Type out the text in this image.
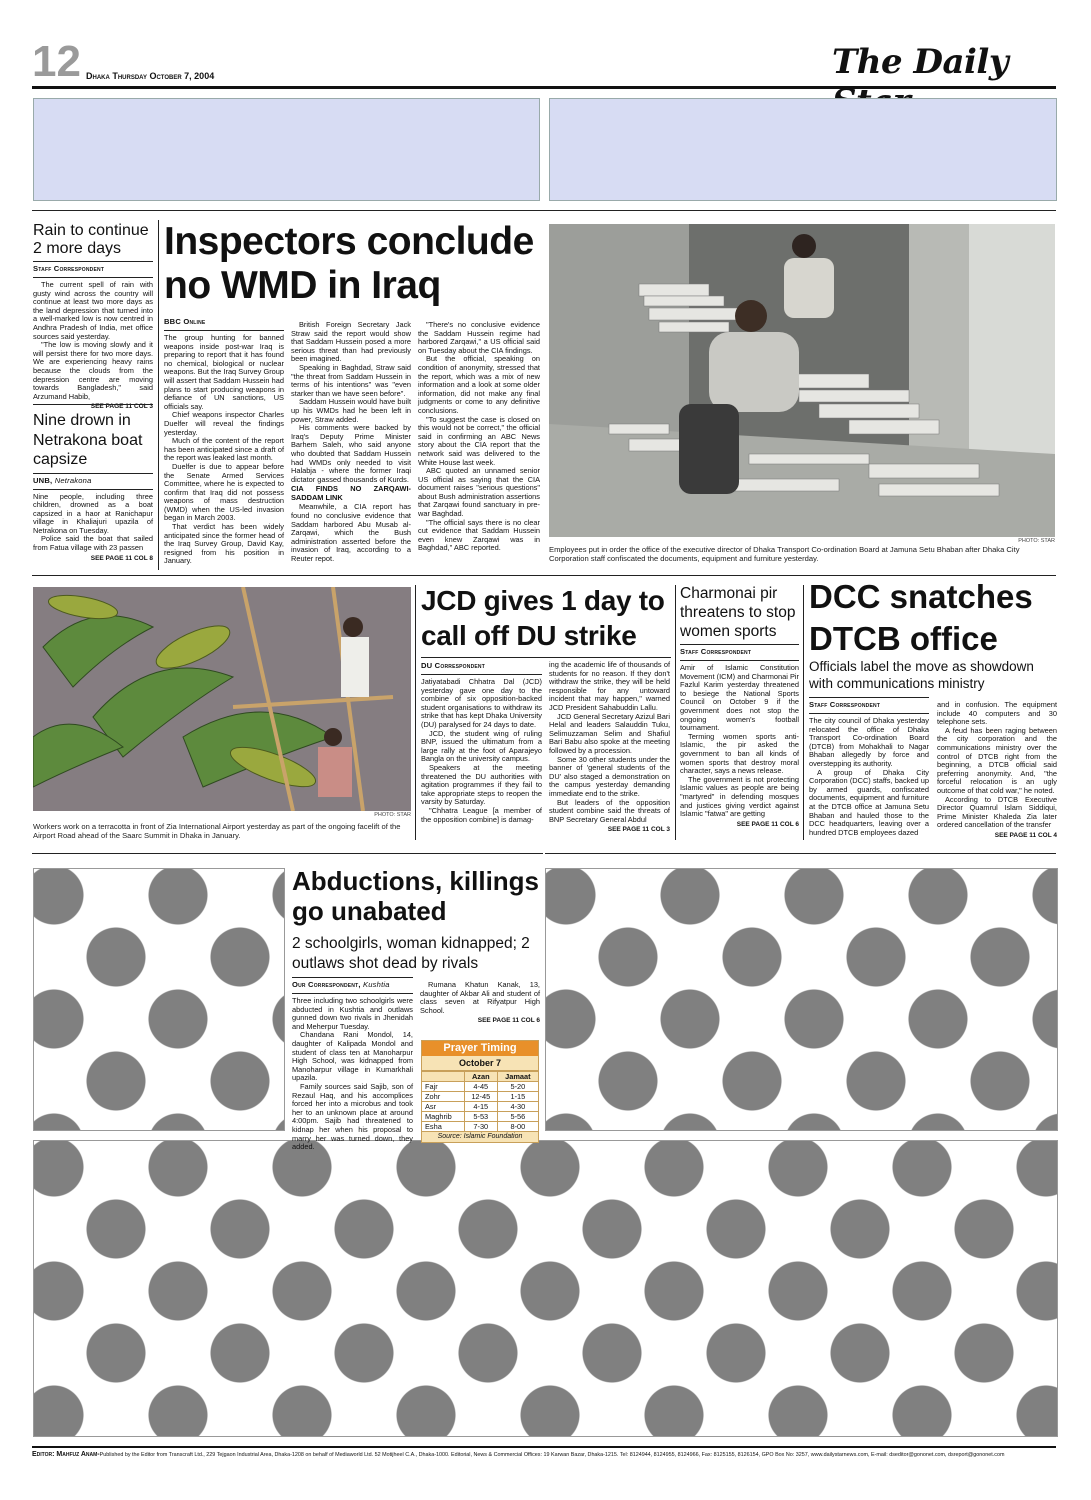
12 Dhaka Thursday October 7, 2004	The Daily
Rain to continue 2 more days
Staff Correspondent

The current spell of rain with gusty wind across the country will continue at least two more days as the land depression that turned into a well-marked low is now centred in Andhra Pradesh of India, met office sources said yesterday.

"The low is moving slowly and it will persist there for two more days. We are experiencing heavy rains because the clouds from the depression centre are moving towards Bangladesh," said Arzumand Habib,

SEE PAGE 11 COL 3
Nine drown in Netrakona boat capsize
UNB, Netrakona

Nine people, including three children, drowned as a boat capsized in a haor at Ranichapur village in Khaliajuri upazila of Netrakona on Tuesday.

Police said the boat that sailed from Fatua village with 23 passen

SEE PAGE 11 COL 8
Inspectors conclude no WMD in Iraq
BBC Online

The group hunting for banned weapons inside post-war Iraq is preparing to report that it has found no chemical, biological or nuclear weapons. But the Iraq Survey Group will assert that Saddam Hussein had plans to start producing weapons in defiance of UN sanctions, US officials say.

Chief weapons inspector Charles Duelfer will reveal the findings yesterday.

Much of the content of the report has been anticipated since a draft of the report was leaked last month.

Duelfer is due to appear before the Senate Armed Services Committee, where he is expected to confirm that Iraq did not possess weapons of mass destruction (WMD) when the US-led invasion began in March 2003.

That verdict has been widely anticipated since the former head of the Iraq Survey Group, David Kay, resigned from his position in January.

British Foreign Secretary Jack Straw said the report would show that Saddam Hussein posed a more serious threat than had previously been imagined.

Speaking in Baghdad, Straw said "the threat from Saddam Hussein in terms of his intentions" was "even starker than we have seen before".

Saddam Hussein would have built up his WMDs had he been left in power, Straw added.

His comments were backed by Iraq's Deputy Prime Minister Barhem Saleh, who said anyone who doubted that Saddam Hussein had WMDs only needed to visit Halabja - where the former Iraqi dictator gassed thousands of Kurds.

CIA FINDS NO ZARQAWI-SADDAM LINK

Meanwhile, a CIA report has found no conclusive evidence that Saddam harbored Abu Musab al-Zarqawi, which the Bush administration asserted before the invasion of Iraq, according to a Reuter repot.

"There's no conclusive evidence the Saddam Hussein regime had harbored Zarqawi," a US official said on Tuesday about the CIA findings.

But the official, speaking on condition of anonymity, stressed that the report, which was a mix of new information and a look at some older information, did not make any final judgments or come to any definitive conclusions.

"To suggest the case is closed on this would not be correct," the official said in confirming an ABC News story about the CIA report that the network said was delivered to the White House last week.

ABC quoted an unnamed senior US official as saying that the CIA document raises "serious questions" about Bush administration assertions that Zarqawi found sanctuary in pre-war Baghdad.

"The official says there is no clear cut evidence that Saddam Hussein even knew Zarqawi was in Baghdad," ABC reported.

PHOTO: STAR
Employees put in order the office of the executive director of Dhaka Transport Co-ordination Board at Jamuna Setu Bhaban after Dhaka City Corporation staff confiscated the documents, equipment and furniture yesterday.
PHOTO: STAR
Workers work on a terracotta in front of Zia International Airport yesterday as part of the ongoing facelift of the Airport Road ahead of the Saarc Summit in Dhaka in January.
JCD gives 1 day to call off DU strike
DU Correspondent

Jatiyatabadi Chhatra Dal (JCD) yesterday gave one day to the combine of six opposition-backed student organisations to withdraw its strike that has kept Dhaka University (DU) paralysed for 24 days to date.

JCD, the student wing of ruling BNP, issued the ultimatum from a large rally at the foot of Aparajeyo Bangla on the university campus.

Speakers at the meeting threatened the DU authorities with agitation programmes if they fail to take appropriate steps to reopen the varsity by Saturday.

"Chhatra League [a member of the opposition combine] is damag-

ing the academic life of thousands of students for no reason. If they don't withdraw the strike, they will be held responsible for any untoward incident that may happen," warned JCD President Sahabuddin Lallu.

JCD General Secretary Azizul Bari Helal and leaders Salauddin Tuku, Selimuzzaman Selim and Shafiul Bari Babu also spoke at the meeting followed by a procession.

Some 30 other students under the banner of 'general students of the DU' also staged a demonstration on the campus yesterday demanding immediate end to the strike.

But leaders of the opposition student combine said the threats of BNP Secretary General Abdul

SEE PAGE 11 COL 3
Charmonai pir threatens to stop women sports
Staff Correspondent

Amir of Islamic Constitution Movement (ICM) and Charmonai Pir Fazlul Karim yesterday threatened to besiege the National Sports Council on October 9 if the government does not stop the ongoing women's football tournament.

Terming women sports anti-Islamic, the pir asked the government to ban all kinds of women sports that destroy moral character, says a news release.

The government is not protecting Islamic values as people are being "martyred" in defending mosques and justices giving verdict against Islamic "fatwa" are getting

SEE PAGE 11 COL 6
DCC snatches DTCB office
Officials label the move as showdown with communications ministry
Staff Correspondent

The city council of Dhaka yesterday relocated the office of Dhaka Transport Co-ordination Board (DTCB) from Mohakhali to Nagar Bhaban allegedly by force and overstepping its authority.

A group of Dhaka City Corporation (DCC) staffs, backed up by armed guards, confiscated documents, equipment and furniture at the DTCB office at Jamuna Setu Bhaban and hauled those to the DCC headquarters, leaving over a hundred DTCB employees dazed

and in confusion. The equipment include 40 computers and 30 telephone sets.

A feud has been raging between the city corporation and the communications ministry over the control of DTCB right from the beginning, a DTCB official said preferring anonymity. And, "the forceful relocation is an ugly outcome of that cold war," he noted.

According to DTCB Executive Director Quamrul Islam Siddiqui, Prime Minister Khaleda Zia later ordered cancellation of the transfer

SEE PAGE 11 COL 4
Abductions, killings go unabated
2 schoolgirls, woman kidnapped; 2 outlaws shot dead by rivals
Our Correspondent, Kushtia

Three including two schoolgirls were abducted in Kushtia and outlaws gunned down two rivals in Jhenidah and Meherpur Tuesday.

Chandana Rani Mondol, 14, daughter of Kalipada Mondol and student of class ten at Manoharpur High School, was kidnapped from Manoharpur village in Kumarkhali upazila.

Family sources said Sajib, son of Rezaul Haq, and his accomplices forced her into a microbus and took her to an unknown place at around 4:00pm. Sajib had threatened to kidnap her when his proposal to marry her was turned down, they added.

Rumana Khatun Kanak, 13, daughter of Akbar Ali and student of class seven at Rifyatpur High School.

SEE PAGE 11 COL 6
Prayer Timing
October 7
	Azan	Jamaat
Fajr	4-45	5-20
Zohr	12-45	1-15
Asr	4-15	4-30
Maghrib	5-53	5-56
Esha	7-30	8-00
Source: Islamic Foundation
Editor: Mahfuz Anam-Published by the Editor from Transcraft Ltd., 229 Tejgaon Industrial Area, Dhaka-1208 on behalf of Mediaworld Ltd. 52 Motijheel C.A., Dhaka-1000. Editorial, News & Commercial Offices: 19 Karwan Bazar, Dhaka-1215. Tel: 8124944, 8124955, 8124966, Fax: 8125155, 8126154, GPO Box No: 3257, www.dailystarnews.com, E-mail: dseditor@gononet.com, dsreport@gononet.com
